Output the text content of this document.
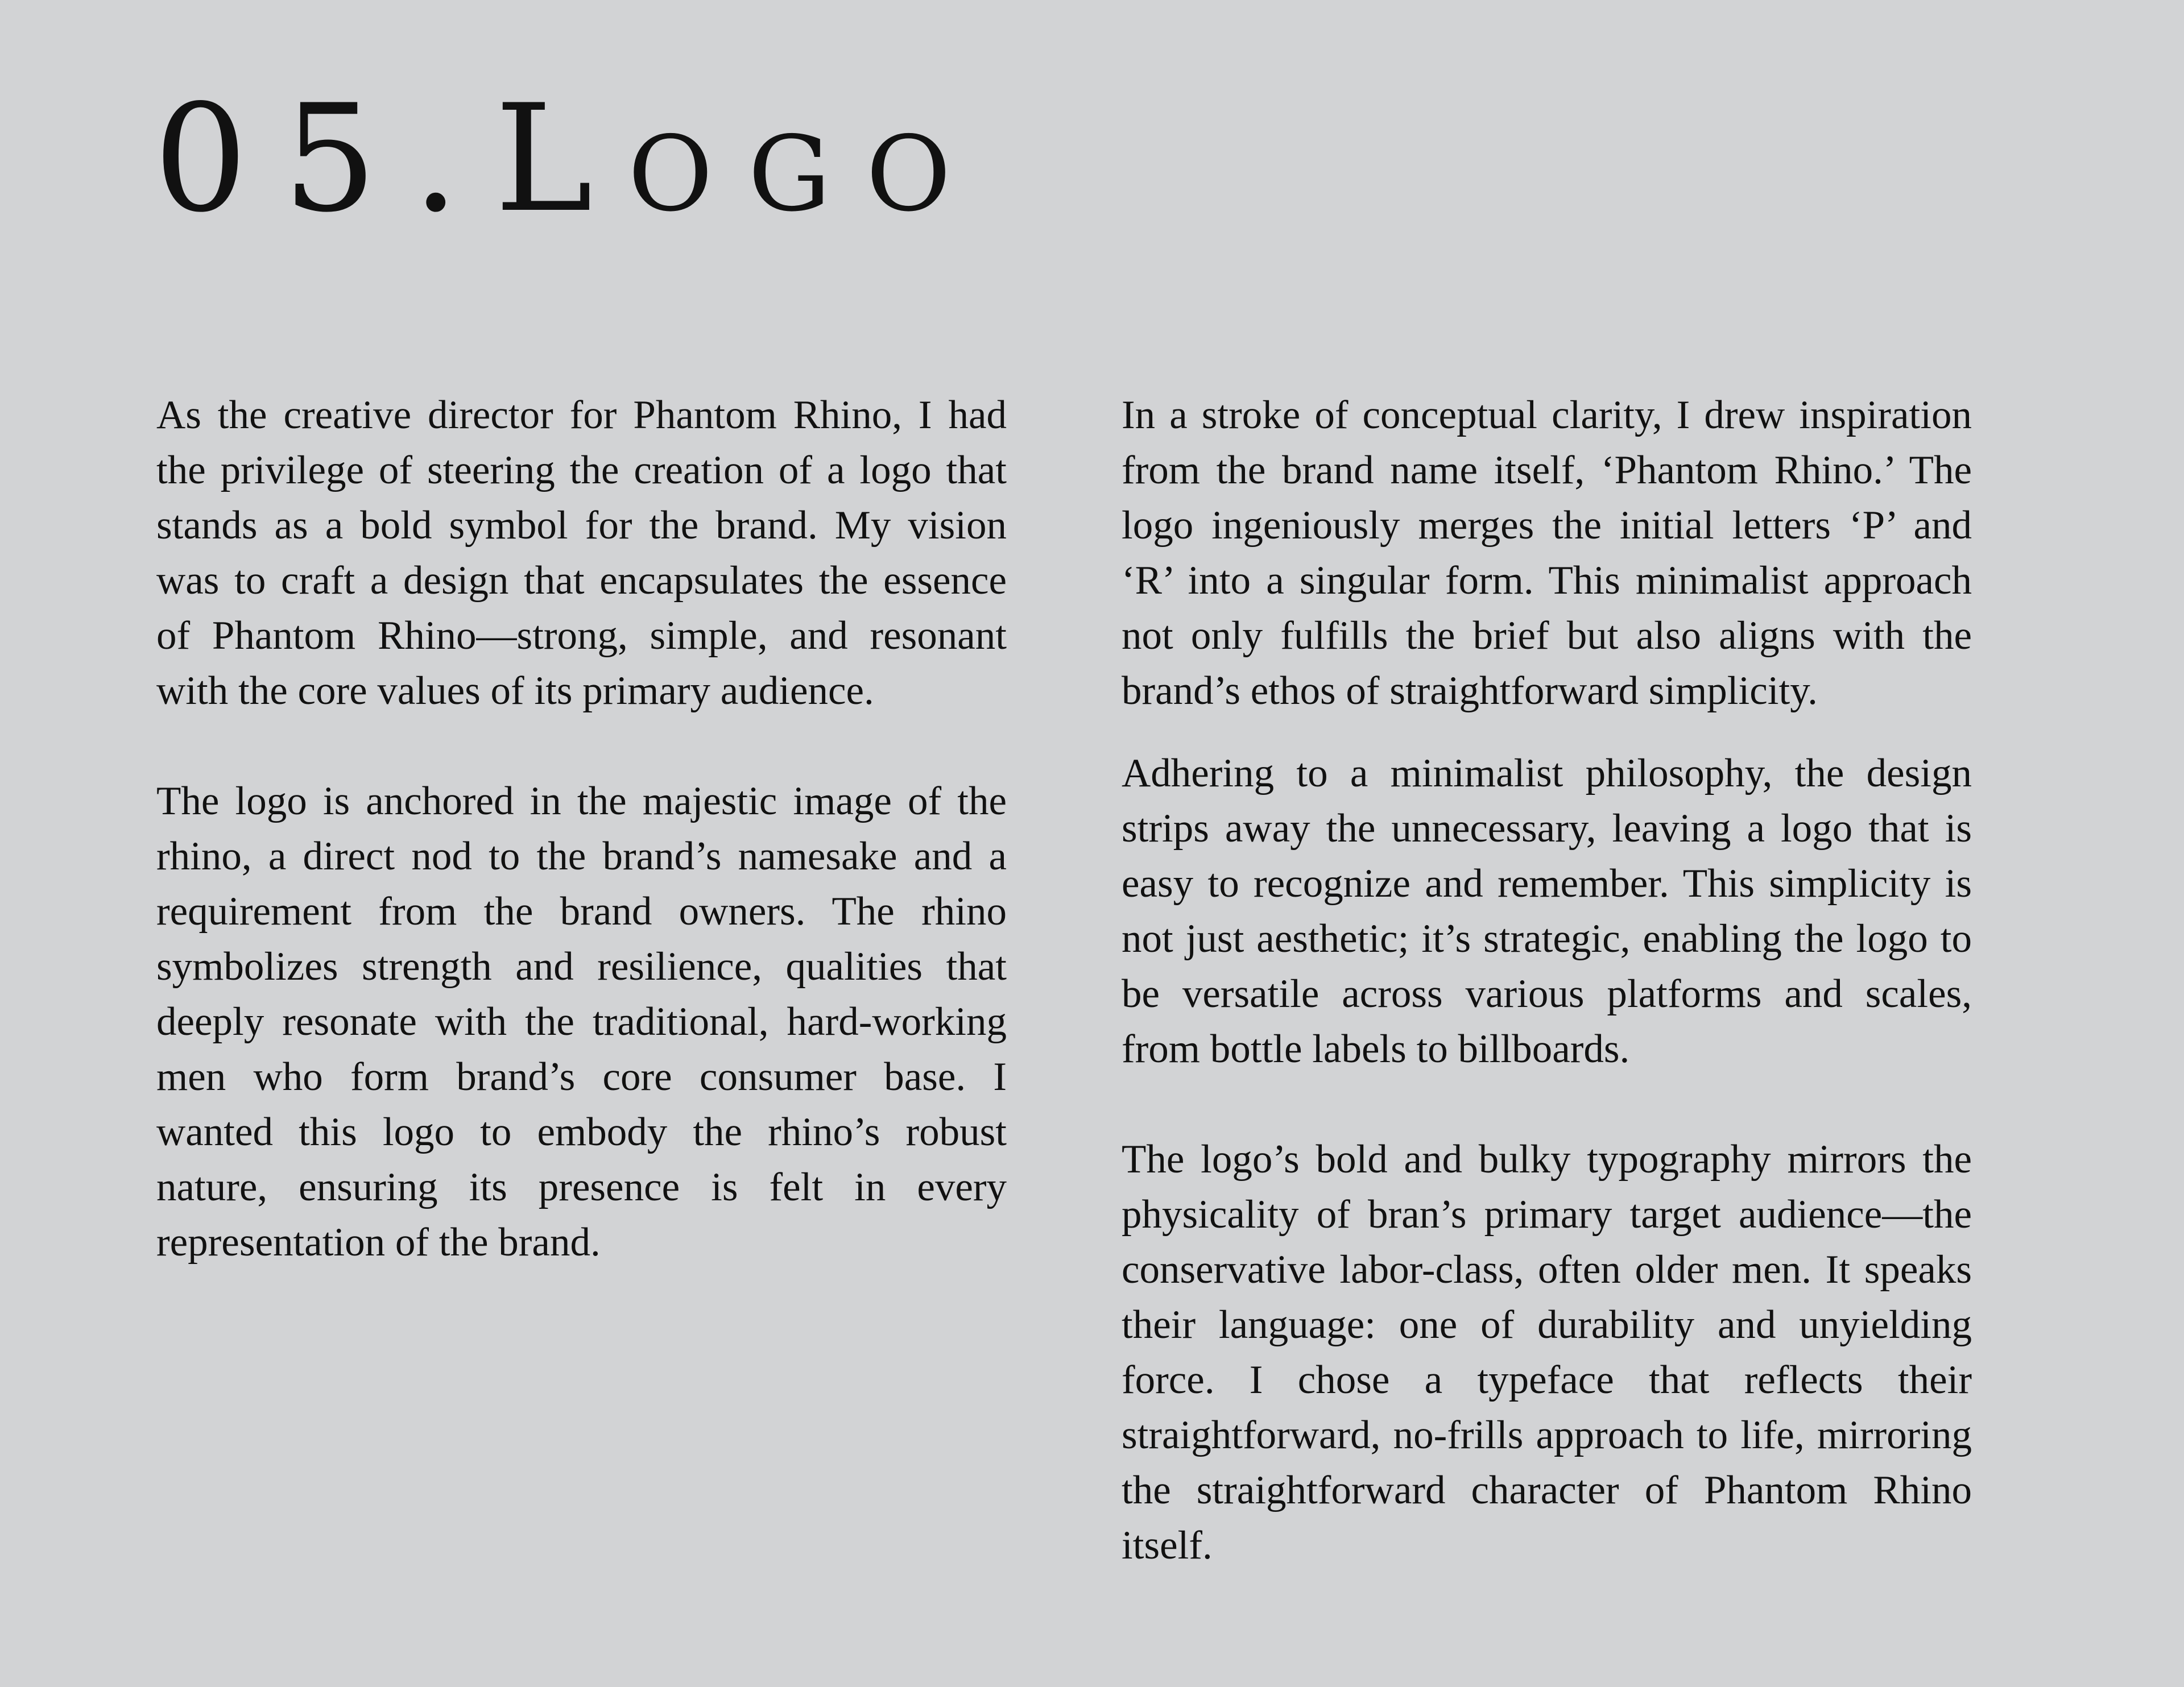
05.Logo

As the creative director for Phantom Rhino, I had the privilege of steering the creation of a logo that stands as a bold symbol for the brand. My vision was to craft a design that encapsulates the essence of Phantom Rhino—strong, simple, and resonant with the core values of its primary audience.

The logo is anchored in the majestic image of the rhino, a direct nod to the brand’s namesake and a requirement from the brand owners. The rhino symbolizes strength and resilience, qualities that deeply resonate with the traditional, hard-working men who form brand’s core consumer base. I wanted this logo to embody the rhino’s robust nature, ensuring its presence is felt in every representation of the brand.

In a stroke of conceptual clarity, I drew inspiration from the brand name itself, ‘Phantom Rhino.’ The logo ingeniously merges the initial letters ‘P’ and ‘R’ into a singular form. This minimalist approach not only fulfills the brief but also aligns with the brand’s ethos of straightforward simplicity.

Adhering to a minimalist philosophy, the design strips away the unnecessary, leaving a logo that is easy to recognize and remember. This simplicity is not just aesthetic; it’s strategic, enabling the logo to be versatile across various platforms and scales, from bottle labels to billboards.

The logo’s bold and bulky typography mirrors the physicality of bran’s primary target audience—the conservative labor-class, often older men. It speaks their language: one of durability and unyielding force. I chose a typeface that reflects their straightforward, no-frills approach to life, mirroring the straightforward character of Phantom Rhino itself.
